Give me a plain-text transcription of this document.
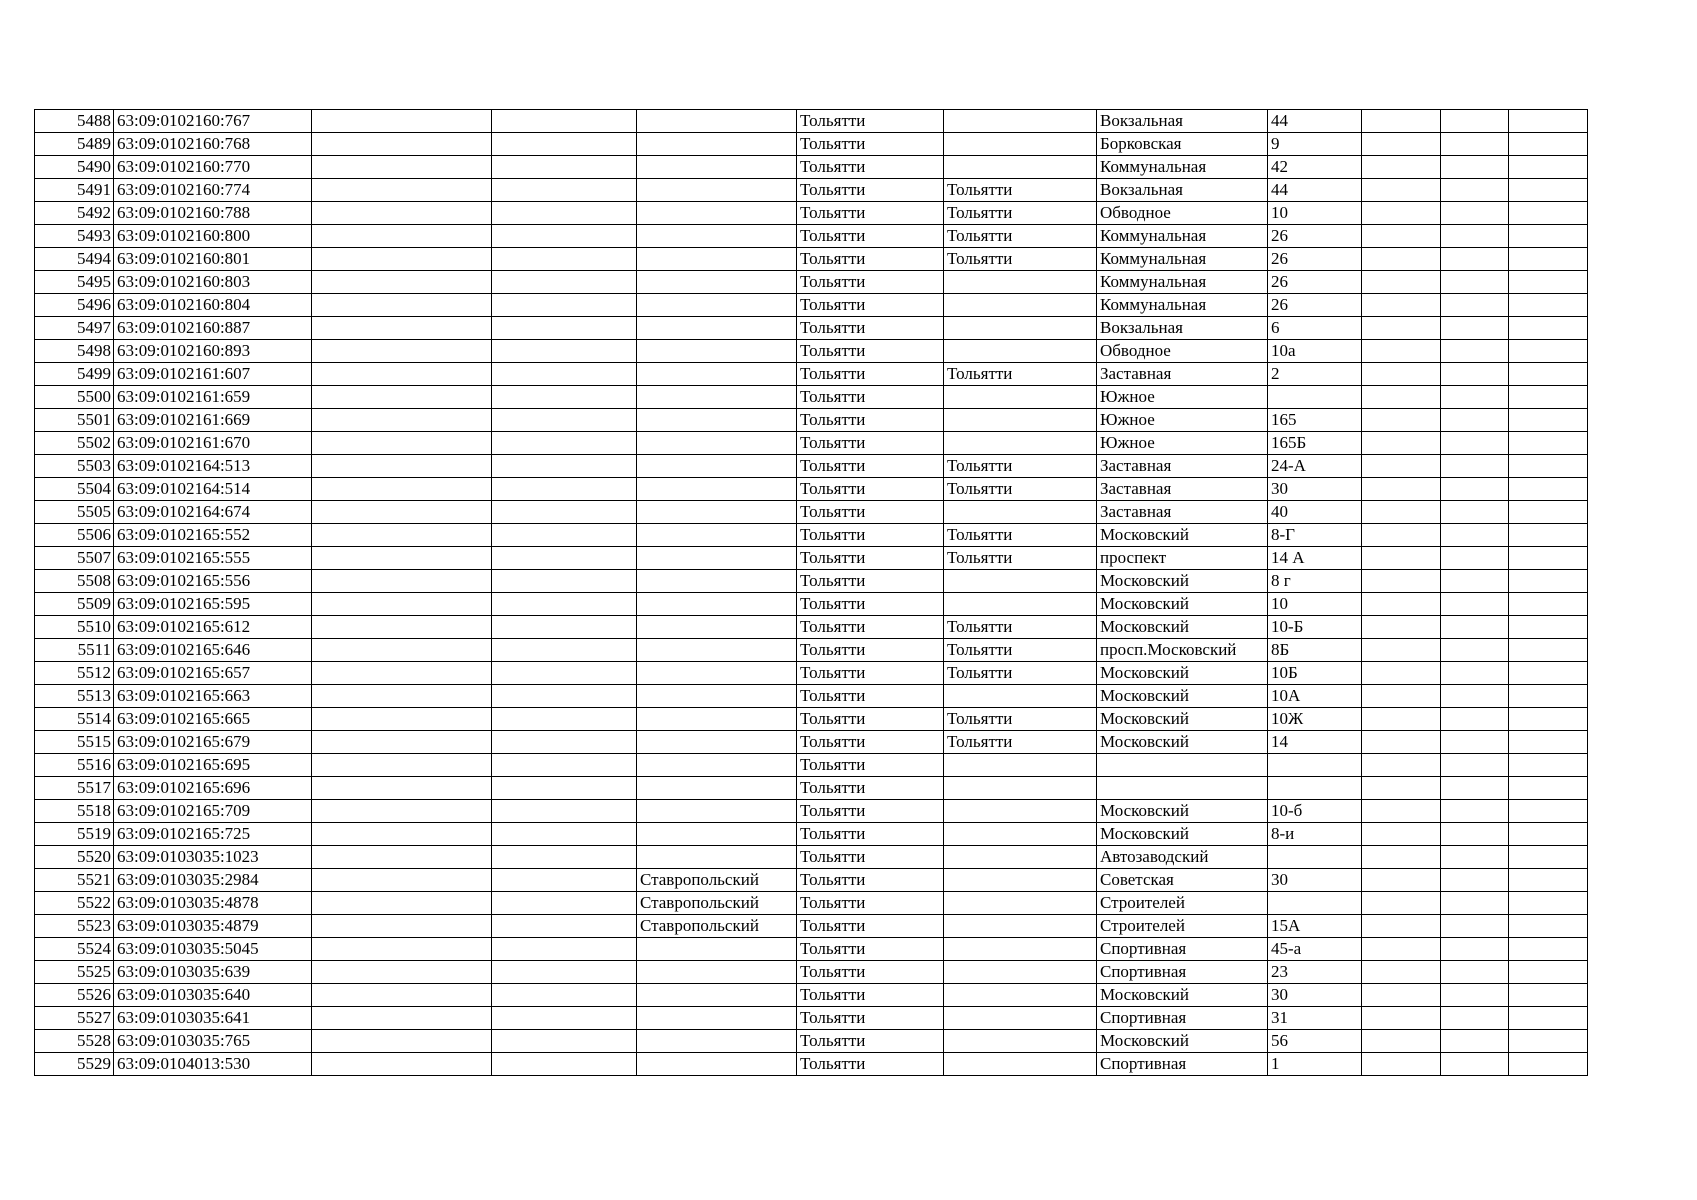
5488	63:09:0102160:767				Тольятти		Вокзальная	44			
5489	63:09:0102160:768				Тольятти		Борковская	9			
5490	63:09:0102160:770				Тольятти		Коммунальная	42			
5491	63:09:0102160:774				Тольятти	Тольятти	Вокзальная	44			
5492	63:09:0102160:788				Тольятти	Тольятти	Обводное	10			
5493	63:09:0102160:800				Тольятти	Тольятти	Коммунальная	26			
5494	63:09:0102160:801				Тольятти	Тольятти	Коммунальная	26			
5495	63:09:0102160:803				Тольятти		Коммунальная	26			
5496	63:09:0102160:804				Тольятти		Коммунальная	26			
5497	63:09:0102160:887				Тольятти		Вокзальная	6			
5498	63:09:0102160:893				Тольятти		Обводное	10а			
5499	63:09:0102161:607				Тольятти	Тольятти	Заставная	2			
5500	63:09:0102161:659				Тольятти		Южное				
5501	63:09:0102161:669				Тольятти		Южное	165			
5502	63:09:0102161:670				Тольятти		Южное	165Б			
5503	63:09:0102164:513				Тольятти	Тольятти	Заставная	24-А			
5504	63:09:0102164:514				Тольятти	Тольятти	Заставная	30			
5505	63:09:0102164:674				Тольятти		Заставная	40			
5506	63:09:0102165:552				Тольятти	Тольятти	Московский	8-Г			
5507	63:09:0102165:555				Тольятти	Тольятти	проспект	14 А			
5508	63:09:0102165:556				Тольятти		Московский	8 г			
5509	63:09:0102165:595				Тольятти		Московский	10			
5510	63:09:0102165:612				Тольятти	Тольятти	Московский	10-Б			
5511	63:09:0102165:646				Тольятти	Тольятти	просп.Московский	8Б			
5512	63:09:0102165:657				Тольятти	Тольятти	Московский	10Б			
5513	63:09:0102165:663				Тольятти		Московский	10А			
5514	63:09:0102165:665				Тольятти	Тольятти	Московский	10Ж			
5515	63:09:0102165:679				Тольятти	Тольятти	Московский	14			
5516	63:09:0102165:695				Тольятти						
5517	63:09:0102165:696				Тольятти						
5518	63:09:0102165:709				Тольятти		Московский	10-б			
5519	63:09:0102165:725				Тольятти		Московский	8-и			
5520	63:09:0103035:1023				Тольятти		Автозаводский				
5521	63:09:0103035:2984			Ставропольский	Тольятти		Советская	30			
5522	63:09:0103035:4878			Ставропольский	Тольятти		Строителей				
5523	63:09:0103035:4879			Ставропольский	Тольятти		Строителей	15А			
5524	63:09:0103035:5045				Тольятти		Спортивная	45-а			
5525	63:09:0103035:639				Тольятти		Спортивная	23			
5526	63:09:0103035:640				Тольятти		Московский	30			
5527	63:09:0103035:641				Тольятти		Спортивная	31			
5528	63:09:0103035:765				Тольятти		Московский	56			
5529	63:09:0104013:530				Тольятти		Спортивная	1			
